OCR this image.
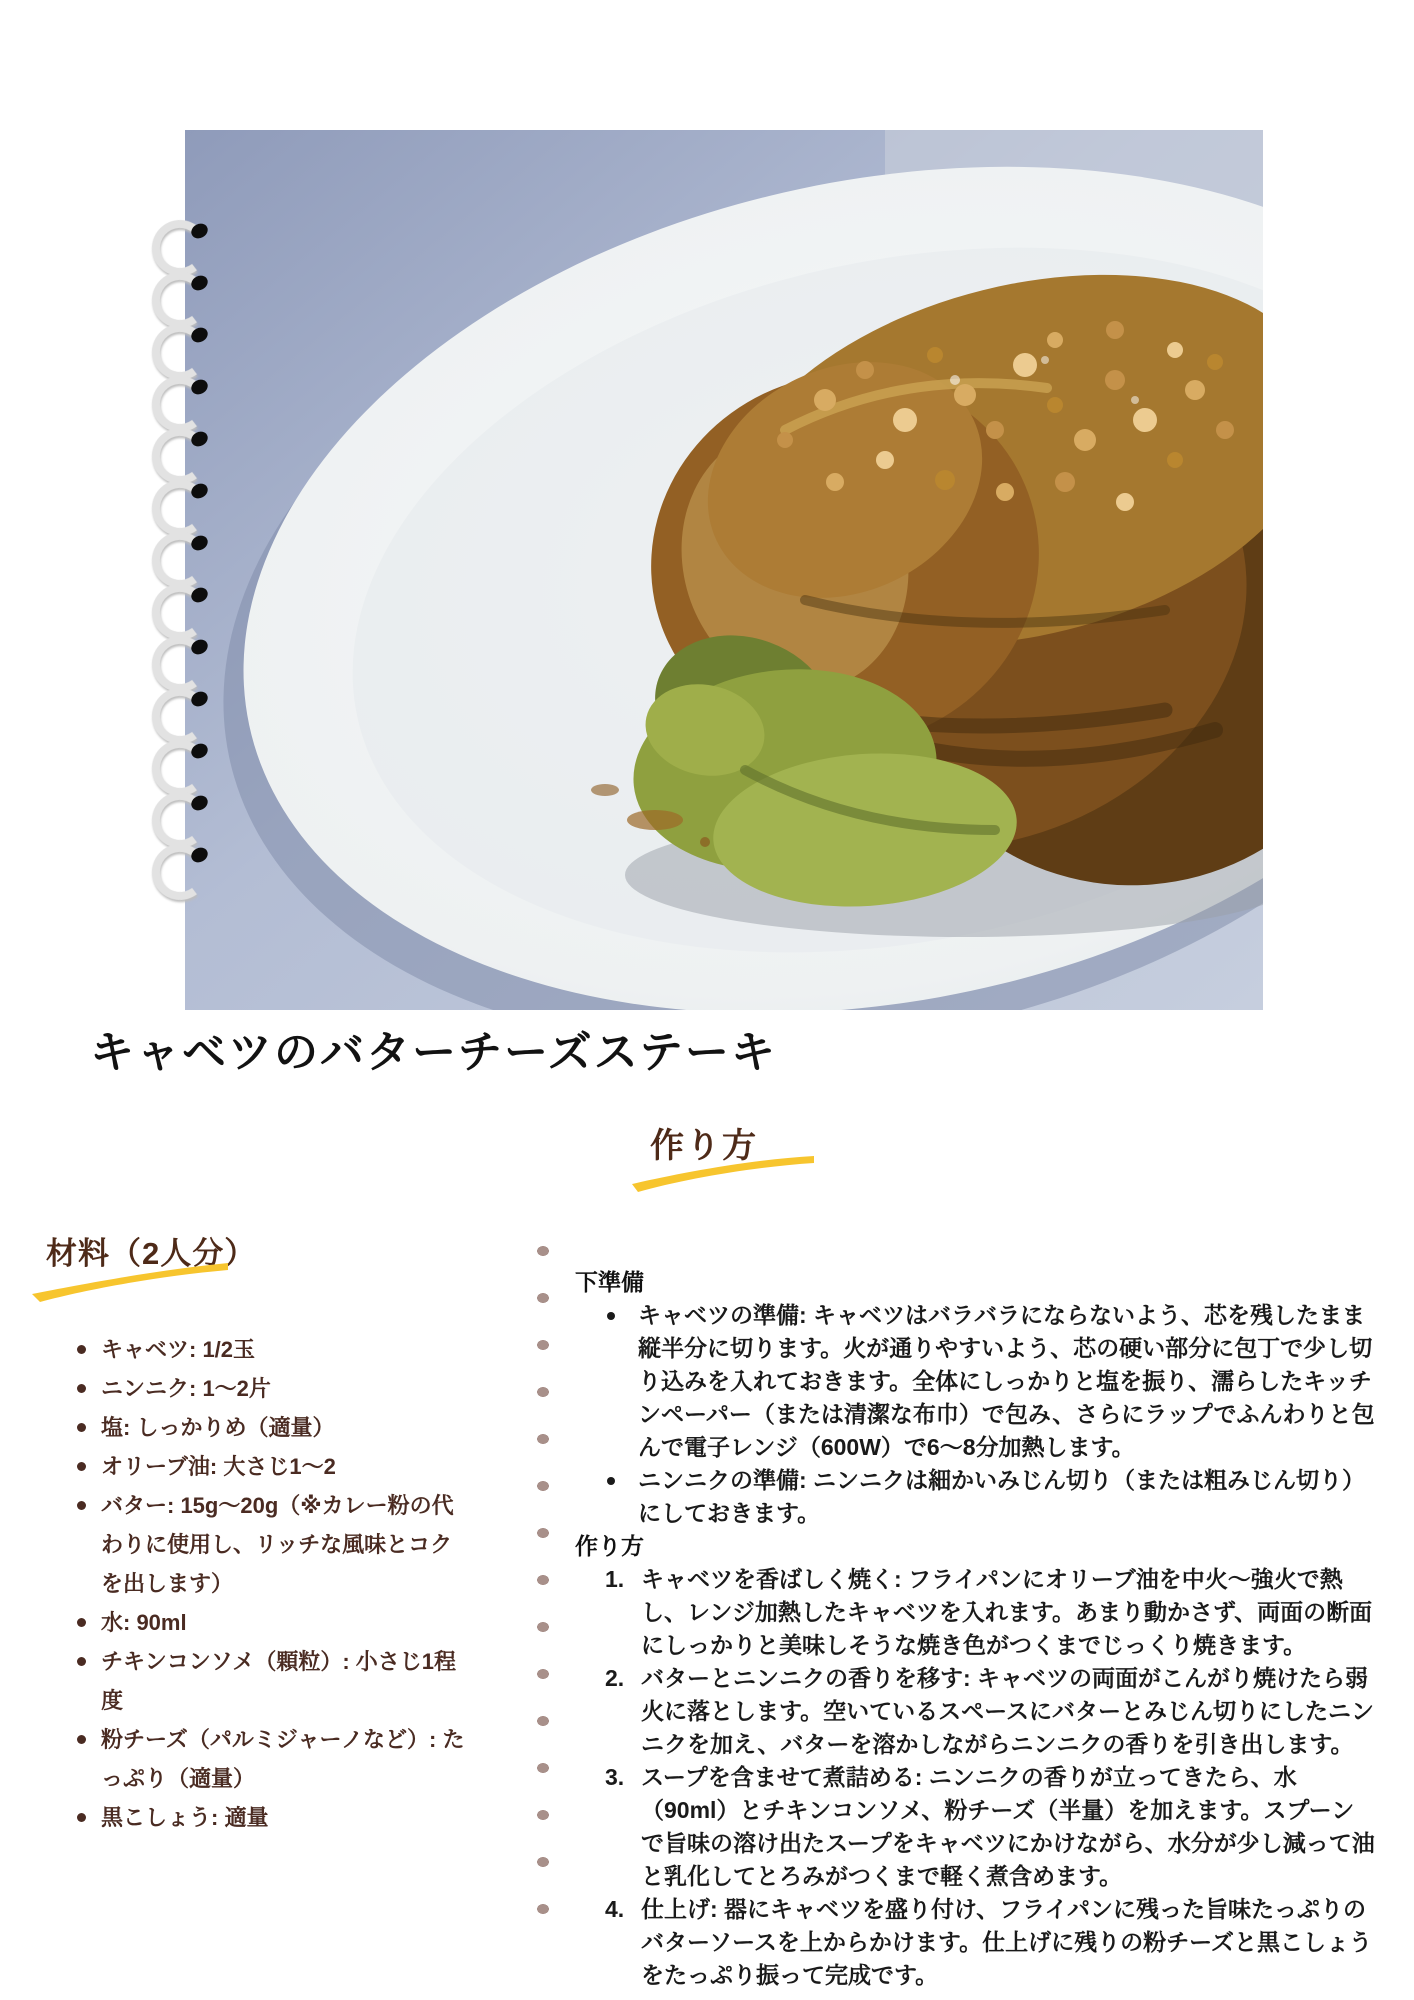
キャベツのバターチーズステーキ
作り方
材料（2人分）
キャベツ: 1/2玉
ニンニク: 1～2片
塩: しっかりめ（適量）
オリーブ油: 大さじ1～2
バター: 15g～20g（※カレー粉の代わりに使用し、リッチな風味とコクを出します）
水: 90ml
チキンコンソメ（顆粒）: 小さじ1程度
粉チーズ（パルミジャーノなど）: たっぷり（適量）
黒こしょう: 適量
下準備
キャベツの準備: キャベツはバラバラにならないよう、芯を残したまま縦半分に切ります。火が通りやすいよう、芯の硬い部分に包丁で少し切り込みを入れておきます。全体にしっかりと塩を振り、濡らしたキッチンペーパー（または清潔な布巾）で包み、さらにラップでふんわりと包んで電子レンジ（600W）で6～8分加熱します。
ニンニクの準備: ニンニクは細かいみじん切り（または粗みじん切り）にしておきます。
作り方
キャベツを香ばしく焼く: フライパンにオリーブ油を中火～強火で熱し、レンジ加熱したキャベツを入れます。あまり動かさず、両面の断面にしっかりと美味しそうな焼き色がつくまでじっくり焼きます。
バターとニンニクの香りを移す: キャベツの両面がこんがり焼けたら弱火に落とします。空いているスペースにバターとみじん切りにしたニンニクを加え、バターを溶かしながらニンニクの香りを引き出します。
スープを含ませて煮詰める: ニンニクの香りが立ってきたら、水（90ml）とチキンコンソメ、粉チーズ（半量）を加えます。スプーンで旨味の溶け出たスープをキャベツにかけながら、水分が少し減って油と乳化してとろみがつくまで軽く煮含めます。
仕上げ: 器にキャベツを盛り付け、フライパンに残った旨味たっぷりのバターソースを上からかけます。仕上げに残りの粉チーズと黒こしょうをたっぷり振って完成です。
